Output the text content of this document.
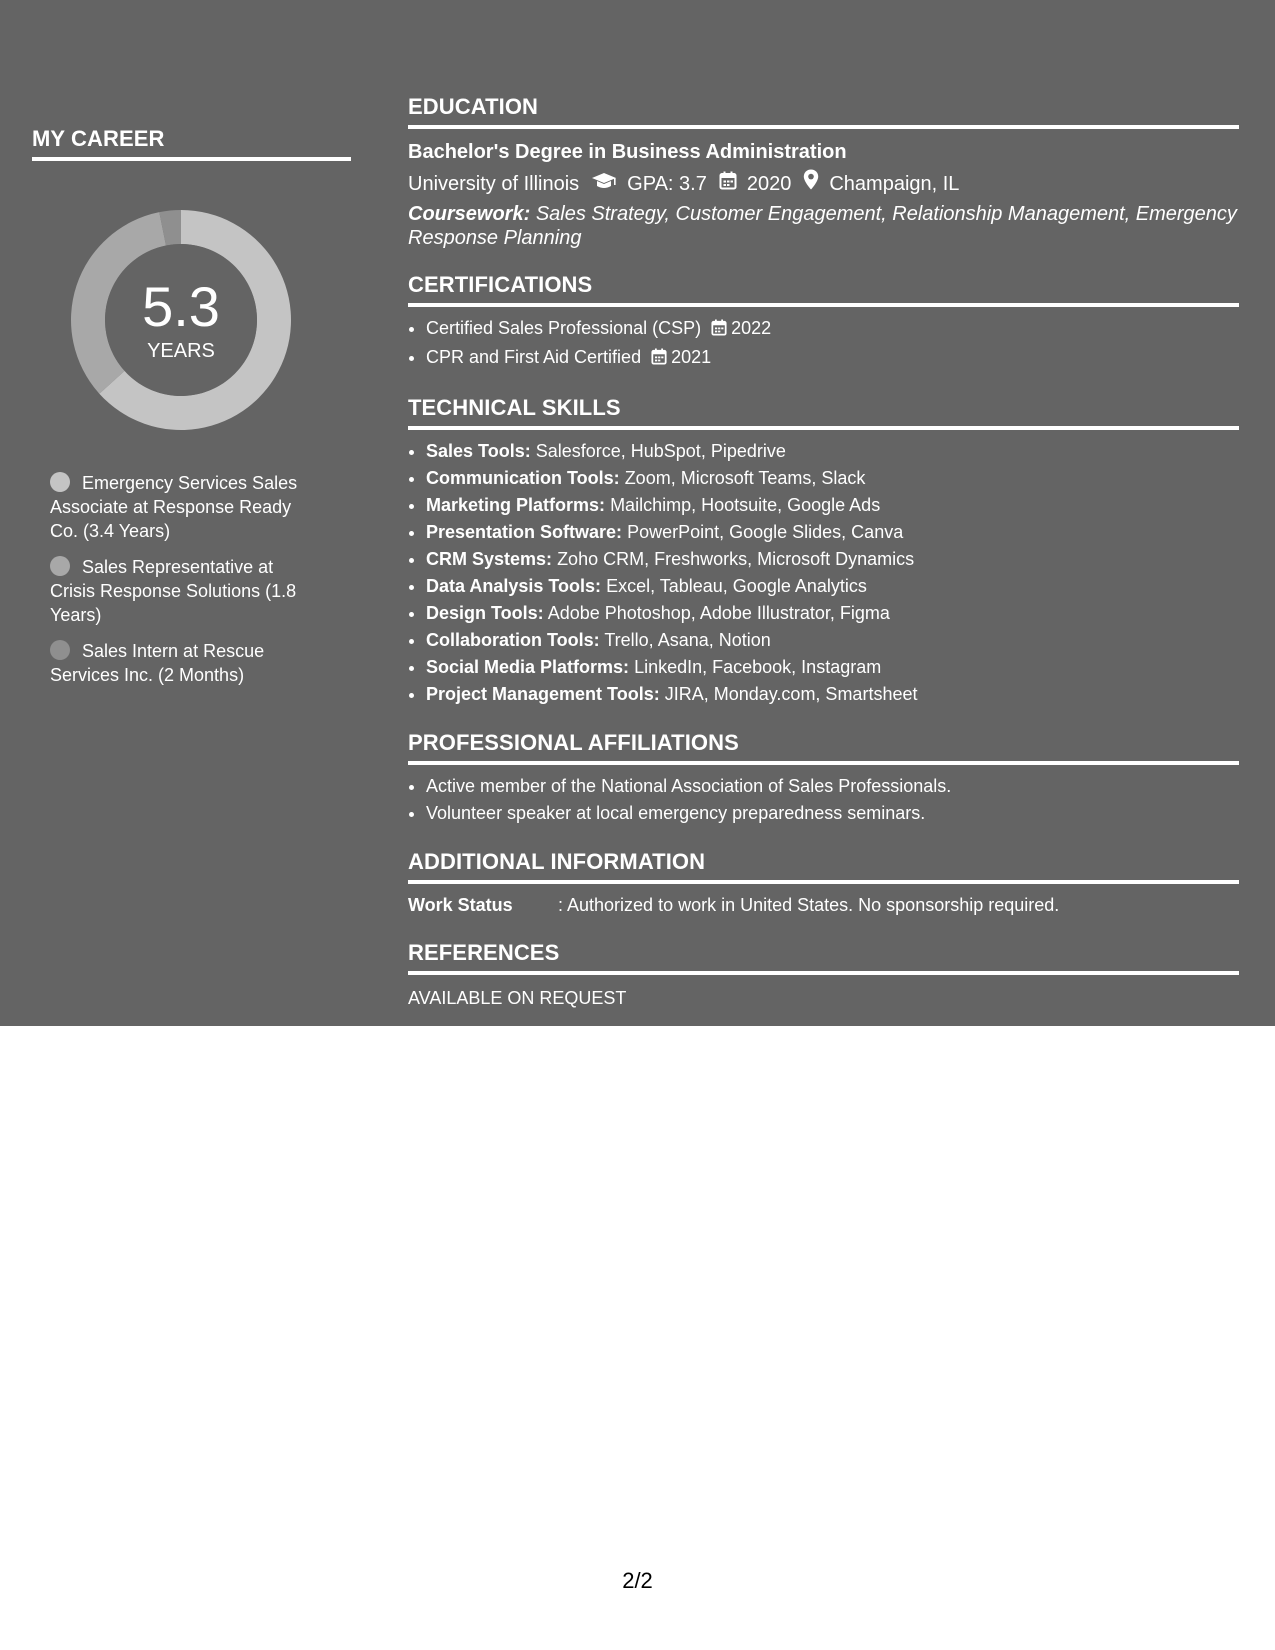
MY CAREER
5.3
YEARS
Emergency Services Sales Associate at Response Ready Co. (3.4 Years)
Sales Representative at Crisis Response Solutions (1.8 Years)
Sales Intern at Rescue Services Inc. (2 Months)
EDUCATION
Bachelor's Degree in Business Administration
University of Illinois GPA: 3.7 2020 Champaign, IL
Coursework: Sales Strategy, Customer Engagement, Relationship Management, Emergency Response Planning
CERTIFICATIONS
• Certified Sales Professional (CSP) 2022
• CPR and First Aid Certified 2021
TECHNICAL SKILLS
• Sales Tools: Salesforce, HubSpot, Pipedrive
• Communication Tools: Zoom, Microsoft Teams, Slack
• Marketing Platforms: Mailchimp, Hootsuite, Google Ads
• Presentation Software: PowerPoint, Google Slides, Canva
• CRM Systems: Zoho CRM, Freshworks, Microsoft Dynamics
• Data Analysis Tools: Excel, Tableau, Google Analytics
• Design Tools: Adobe Photoshop, Adobe Illustrator, Figma
• Collaboration Tools: Trello, Asana, Notion
• Social Media Platforms: LinkedIn, Facebook, Instagram
• Project Management Tools: JIRA, Monday.com, Smartsheet
PROFESSIONAL AFFILIATIONS
• Active member of the National Association of Sales Professionals.
• Volunteer speaker at local emergency preparedness seminars.
ADDITIONAL INFORMATION
Work Status	: Authorized to work in United States. No sponsorship required.
REFERENCES
AVAILABLE ON REQUEST
2/2
